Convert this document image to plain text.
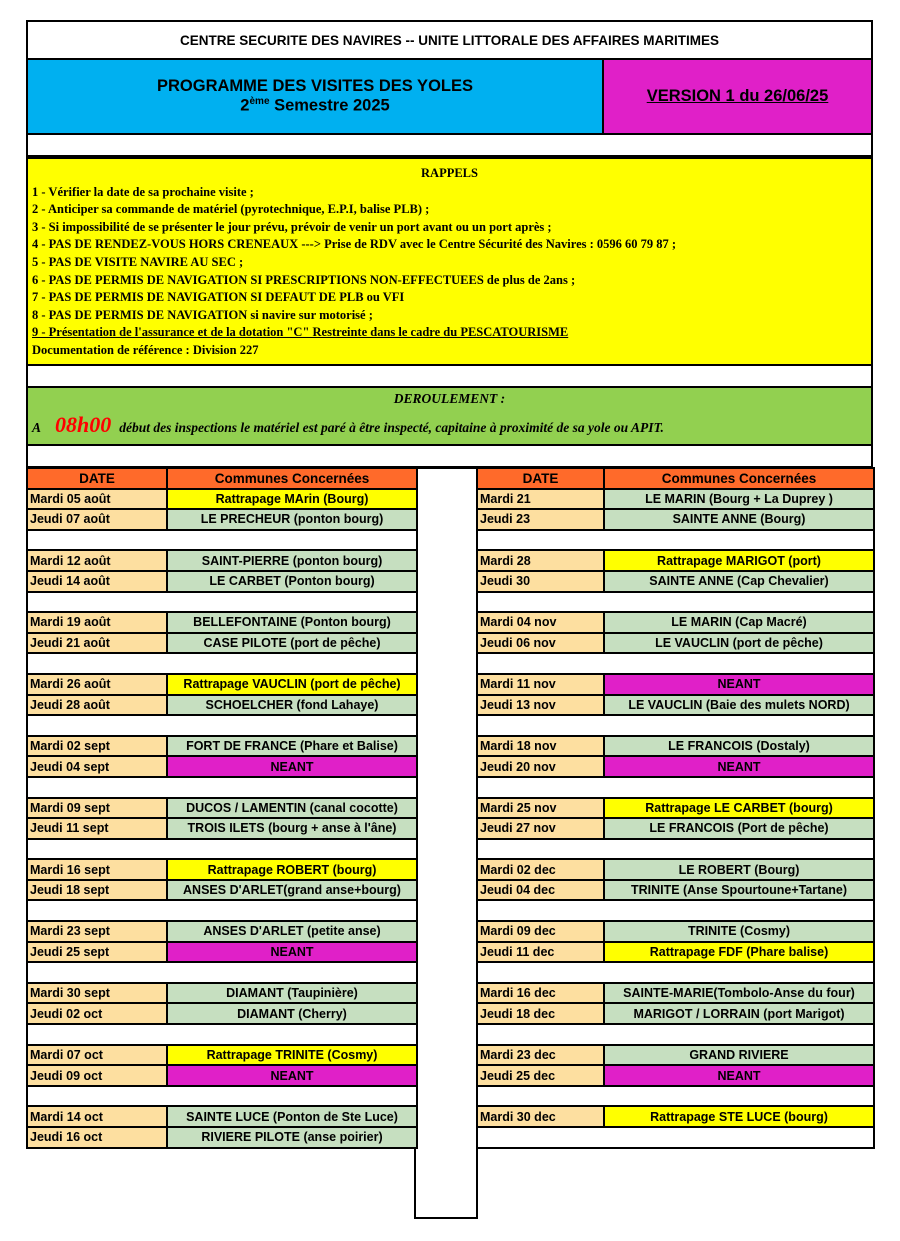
CENTRE SECURITE DES NAVIRES -- UNITE LITTORALE DES AFFAIRES MARITIMES
PROGRAMME DES VISITES DES YOLES
2ème Semestre 2025
VERSION 1 du 26/06/25
RAPPELS
1 - Vérifier la date de sa prochaine visite ;
2 - Anticiper sa commande de matériel (pyrotechnique, E.P.I, balise PLB) ;
3 - Si impossibilité de se présenter le jour prévu, prévoir de venir un port avant ou un port après ;
4 - PAS DE RENDEZ-VOUS HORS CRENEAUX ---> Prise de RDV avec le Centre Sécurité des Navires : 0596 60 79 87 ;
5 - PAS DE VISITE NAVIRE AU SEC ;
6 - PAS DE PERMIS DE NAVIGATION SI PRESCRIPTIONS NON-EFFECTUEES de plus de 2ans ;
7 - PAS DE PERMIS DE NAVIGATION SI DEFAUT DE PLB ou VFI
8 - PAS DE PERMIS DE NAVIGATION si navire sur motorisé ;
9 - Présentation de l'assurance et de la dotation "C" Restreinte dans le cadre du PESCATOURISME
Documentation de référence : Division 227
DEROULEMENT :
A 08h00 début des inspections le matériel est paré à être inspecté, capitaine à proximité de sa yole ou APIT.
DATE	Communes Concernées
Mardi 05 août	Rattrapage MArin (Bourg)
Jeudi 07 août	LE PRECHEUR (ponton bourg)

Mardi 12 août	SAINT-PIERRE (ponton bourg)
Jeudi 14 août	LE CARBET (Ponton bourg)

Mardi 19 août	BELLEFONTAINE (Ponton bourg)
Jeudi 21 août	CASE PILOTE (port de pêche)

Mardi 26 août	Rattrapage VAUCLIN (port de pêche)
Jeudi 28 août	SCHOELCHER (fond Lahaye)

Mardi 02 sept	FORT DE FRANCE (Phare et Balise)
Jeudi 04 sept	NEANT

Mardi 09 sept	DUCOS / LAMENTIN (canal cocotte)
Jeudi 11 sept	TROIS ILETS (bourg + anse à l'âne)

Mardi 16 sept	Rattrapage ROBERT (bourg)
Jeudi 18 sept	ANSES D'ARLET(grand anse+bourg)

Mardi 23 sept	ANSES D'ARLET (petite anse)
Jeudi 25 sept	NEANT

Mardi 30 sept	DIAMANT (Taupinière)
Jeudi 02 oct	DIAMANT (Cherry)

Mardi 07 oct	Rattrapage TRINITE (Cosmy)
Jeudi 09 oct	NEANT

Mardi 14 oct	SAINTE LUCE (Ponton de Ste Luce)
Jeudi 16 oct	RIVIERE PILOTE (anse poirier)
DATE	Communes Concernées
Mardi 21	LE MARIN (Bourg + La Duprey )
Jeudi 23	SAINTE ANNE (Bourg)

Mardi 28	Rattrapage MARIGOT (port)
Jeudi 30	SAINTE ANNE (Cap Chevalier)

Mardi 04 nov	LE MARIN (Cap Macré)
Jeudi 06 nov	LE VAUCLIN (port de pêche)

Mardi 11 nov	NEANT
Jeudi 13 nov	LE VAUCLIN (Baie des mulets NORD)

Mardi 18 nov	LE FRANCOIS (Dostaly)
Jeudi 20 nov	NEANT

Mardi 25 nov	Rattrapage LE CARBET (bourg)
Jeudi 27 nov	LE FRANCOIS (Port de pêche)

Mardi 02 dec	LE ROBERT (Bourg)
Jeudi 04 dec	TRINITE (Anse Spourtoune+Tartane)

Mardi 09 dec	TRINITE (Cosmy)
Jeudi 11 dec	Rattrapage FDF (Phare balise)

Mardi 16 dec	SAINTE-MARIE(Tombolo-Anse du four)
Jeudi 18 dec	MARIGOT / LORRAIN (port Marigot)

Mardi 23 dec	GRAND RIVIERE
Jeudi 25 dec	NEANT

Mardi 30 dec	Rattrapage STE LUCE (bourg)
